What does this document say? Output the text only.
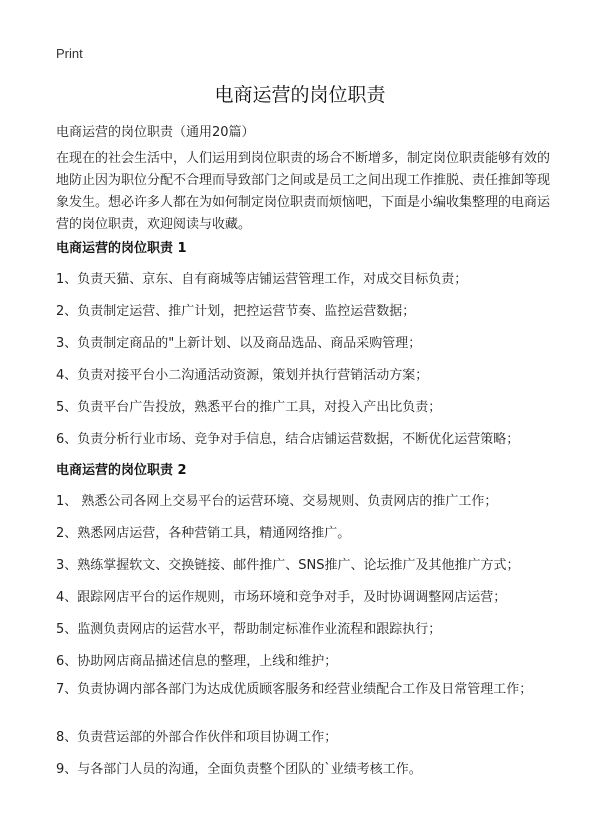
Print
电商运营的岗位职责
电商运营的岗位职责（通用20篇）

在现在的社会生活中，人们运用到岗位职责的场合不断增多，制定岗位职责能够有效的地防止因为职位分配不合理而导致部门之间或是员工之间出现工作推脱、责任推卸等现象发生。想必许多人都在为如何制定岗位职责而烦恼吧，下面是小编收集整理的电商运营的岗位职责，欢迎阅读与收藏。

电商运营的岗位职责 1
1、负责天猫、京东、自有商城等店铺运营管理工作，对成交目标负责；
2、负责制定运营、推广计划，把控运营节奏、监控运营数据；
3、负责制定商品的"上新计划、以及商品选品、商品采购管理；
4、负责对接平台小二沟通活动资源，策划并执行营销活动方案；
5、负责平台广告投放，熟悉平台的推广工具，对投入产出比负责；
6、负责分析行业市场、竞争对手信息，结合店铺运营数据，不断优化运营策略；
电商运营的岗位职责 2
1、 熟悉公司各网上交易平台的运营环境、交易规则、负责网店的推广工作；
2、熟悉网店运营，各种营销工具，精通网络推广。
3、熟练掌握软文、交换链接、邮件推广、SNS推广、论坛推广及其他推广方式；
4、跟踪网店平台的运作规则，市场环境和竞争对手，及时协调调整网店运营；
5、监测负责网店的运营水平，帮助制定标准作业流程和跟踪执行；
6、协助网店商品描述信息的整理，上线和维护；
7、负责协调内部各部门为达成优质顾客服务和经营业绩配合工作及日常管理工作；
8、负责营运部的外部合作伙伴和项目协调工作；
9、与各部门人员的沟通，全面负责整个团队的`业绩考核工作。
